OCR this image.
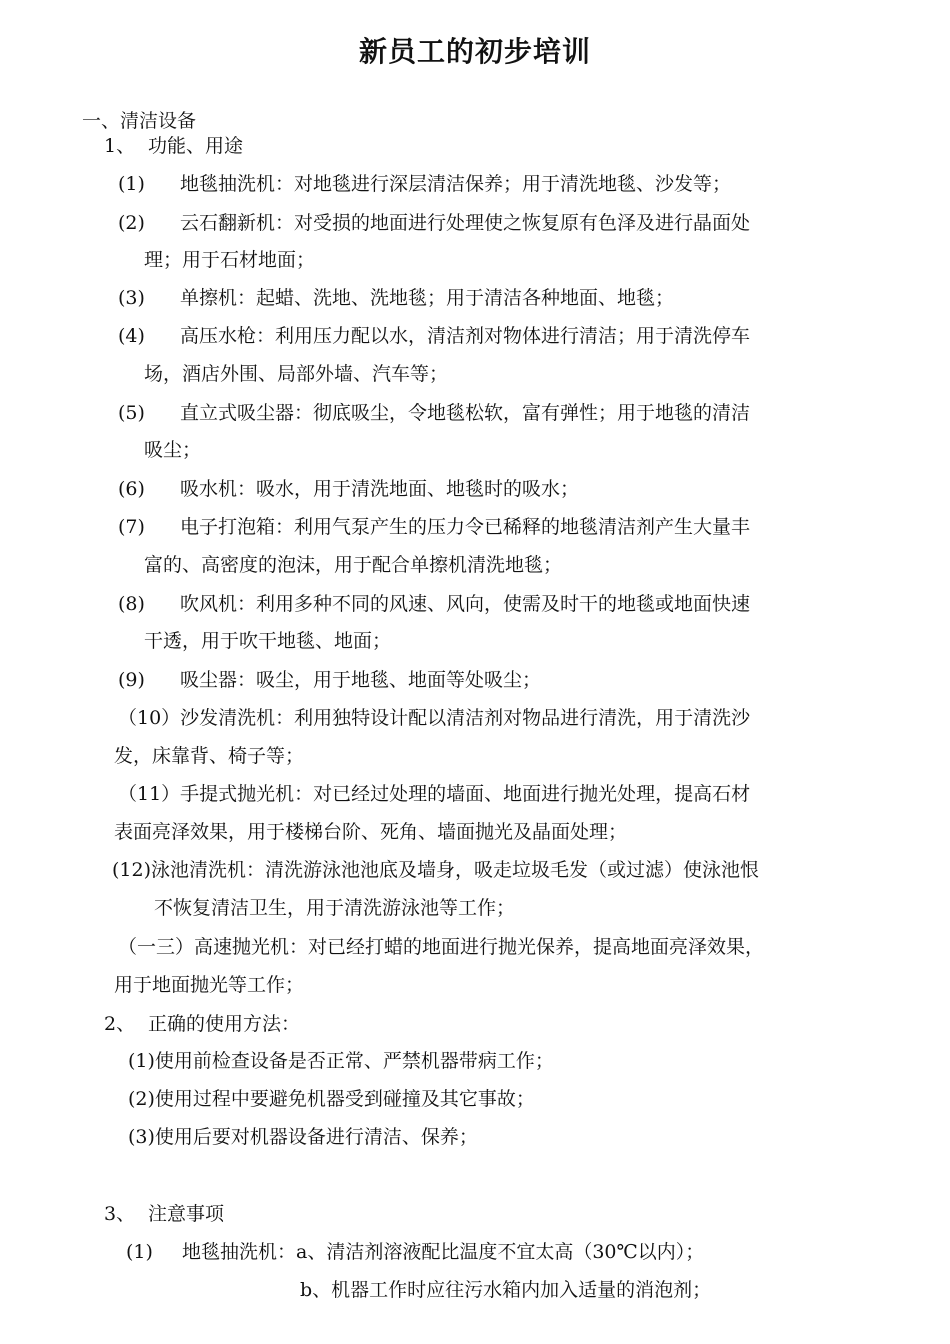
新员工的初步培训
一、清洁设备
1、 功能、用途
(1) 地毯抽洗机：对地毯进行深层清洁保养；用于清洗地毯、沙发等；
(2) 云石翻新机：对受损的地面进行处理使之恢复原有色泽及进行晶面处
理；用于石材地面；
(3) 单擦机：起蜡、洗地、洗地毯；用于清洁各种地面、地毯；
(4) 高压水枪：利用压力配以水，清洁剂对物体进行清洁；用于清洗停车
场，酒店外围、局部外墙、汽车等；
(5) 直立式吸尘器：彻底吸尘，令地毯松软，富有弹性；用于地毯的清洁
吸尘；
(6) 吸水机：吸水，用于清洗地面、地毯时的吸水；
(7) 电子打泡箱：利用气泵产生的压力令已稀释的地毯清洁剂产生大量丰
富的、高密度的泡沫，用于配合单擦机清洗地毯；
(8) 吹风机：利用多种不同的风速、风向，使需及时干的地毯或地面快速
干透，用于吹干地毯、地面；
(9) 吸尘器：吸尘，用于地毯、地面等处吸尘；
（10）沙发清洗机：利用独特设计配以清洁剂对物品进行清洗，用于清洗沙
发，床靠背、椅子等；
（11）手提式抛光机：对已经过处理的墙面、地面进行抛光处理，提高石材
表面亮泽效果，用于楼梯台阶、死角、墙面抛光及晶面处理；
(12)泳池清洗机：清洗游泳池池底及墙身，吸走垃圾毛发（或过滤）使泳池恨
不恢复清洁卫生，用于清洗游泳池等工作；
（一三）高速抛光机：对已经打蜡的地面进行抛光保养，提高地面亮泽效果，
用于地面抛光等工作；
2、 正确的使用方法：
(1)使用前检查设备是否正常、严禁机器带病工作；
(2)使用过程中要避免机器受到碰撞及其它事故；
(3)使用后要对机器设备进行清洁、保养；
3、 注意事项
(1) 地毯抽洗机：a、清洁剂溶液配比温度不宜太高（30℃以内）；
b、机器工作时应往污水箱内加入适量的消泡剂；
